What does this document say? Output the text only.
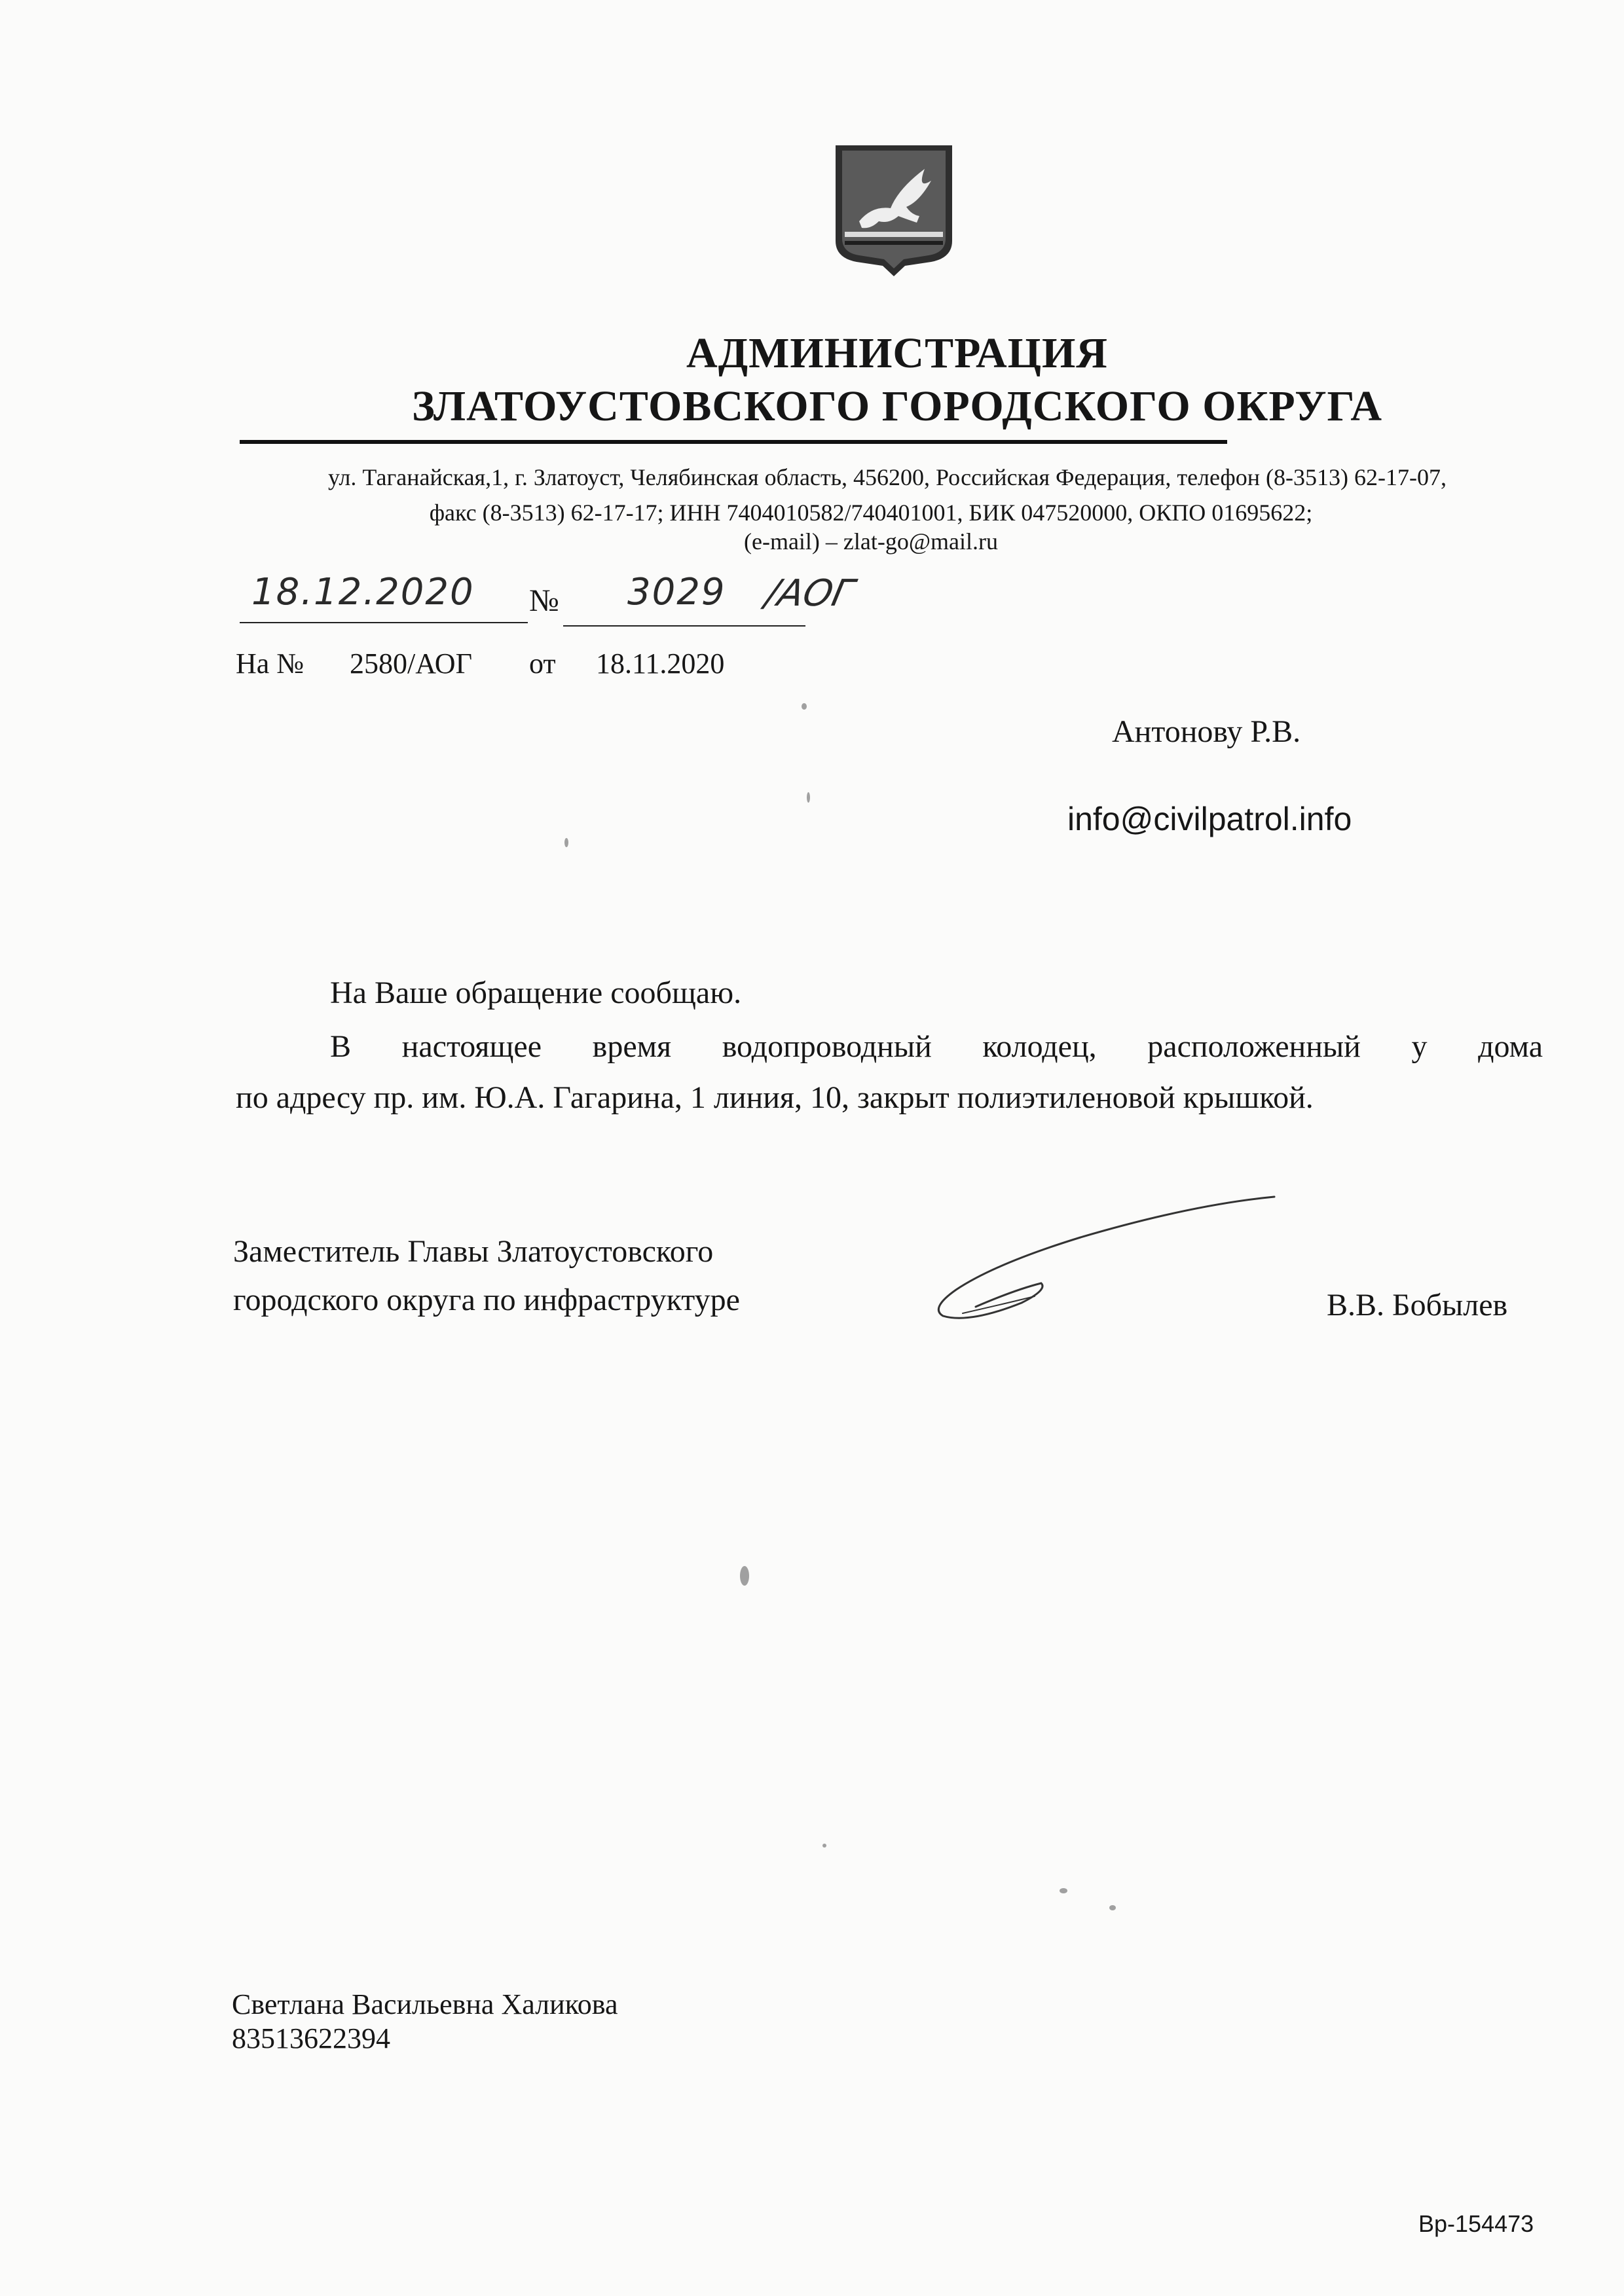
АДМИНИСТРАЦИЯ
ЗЛАТОУСТОВСКОГО ГОРОДСКОГО ОКРУГА
ул. Таганайская,1, г. Златоуст, Челябинская область, 456200, Российская Федерация, телефон (8-3513) 62-17-07,
факс (8-3513) 62-17-17; ИНН 7404010582/740401001, БИК 047520000, ОКПО 01695622;
(e-mail) – zlat-go@mail.ru
18.12.2020 № 3029 /АОГ
На № 2580/АОГ от 18.11.2020
Антонову Р.В.
info@civilpatrol.info
На Ваше обращение сообщаю.
В настоящее время водопроводный колодец, расположенный у дома
по адресу пр. им. Ю.А. Гагарина, 1 линия, 10, закрыт полиэтиленовой крышкой.
Заместитель Главы Златоустовского
городского округа по инфраструктуре	В.В. Бобылев
Светлана Васильевна Халикова
83513622394
Вр-154473
